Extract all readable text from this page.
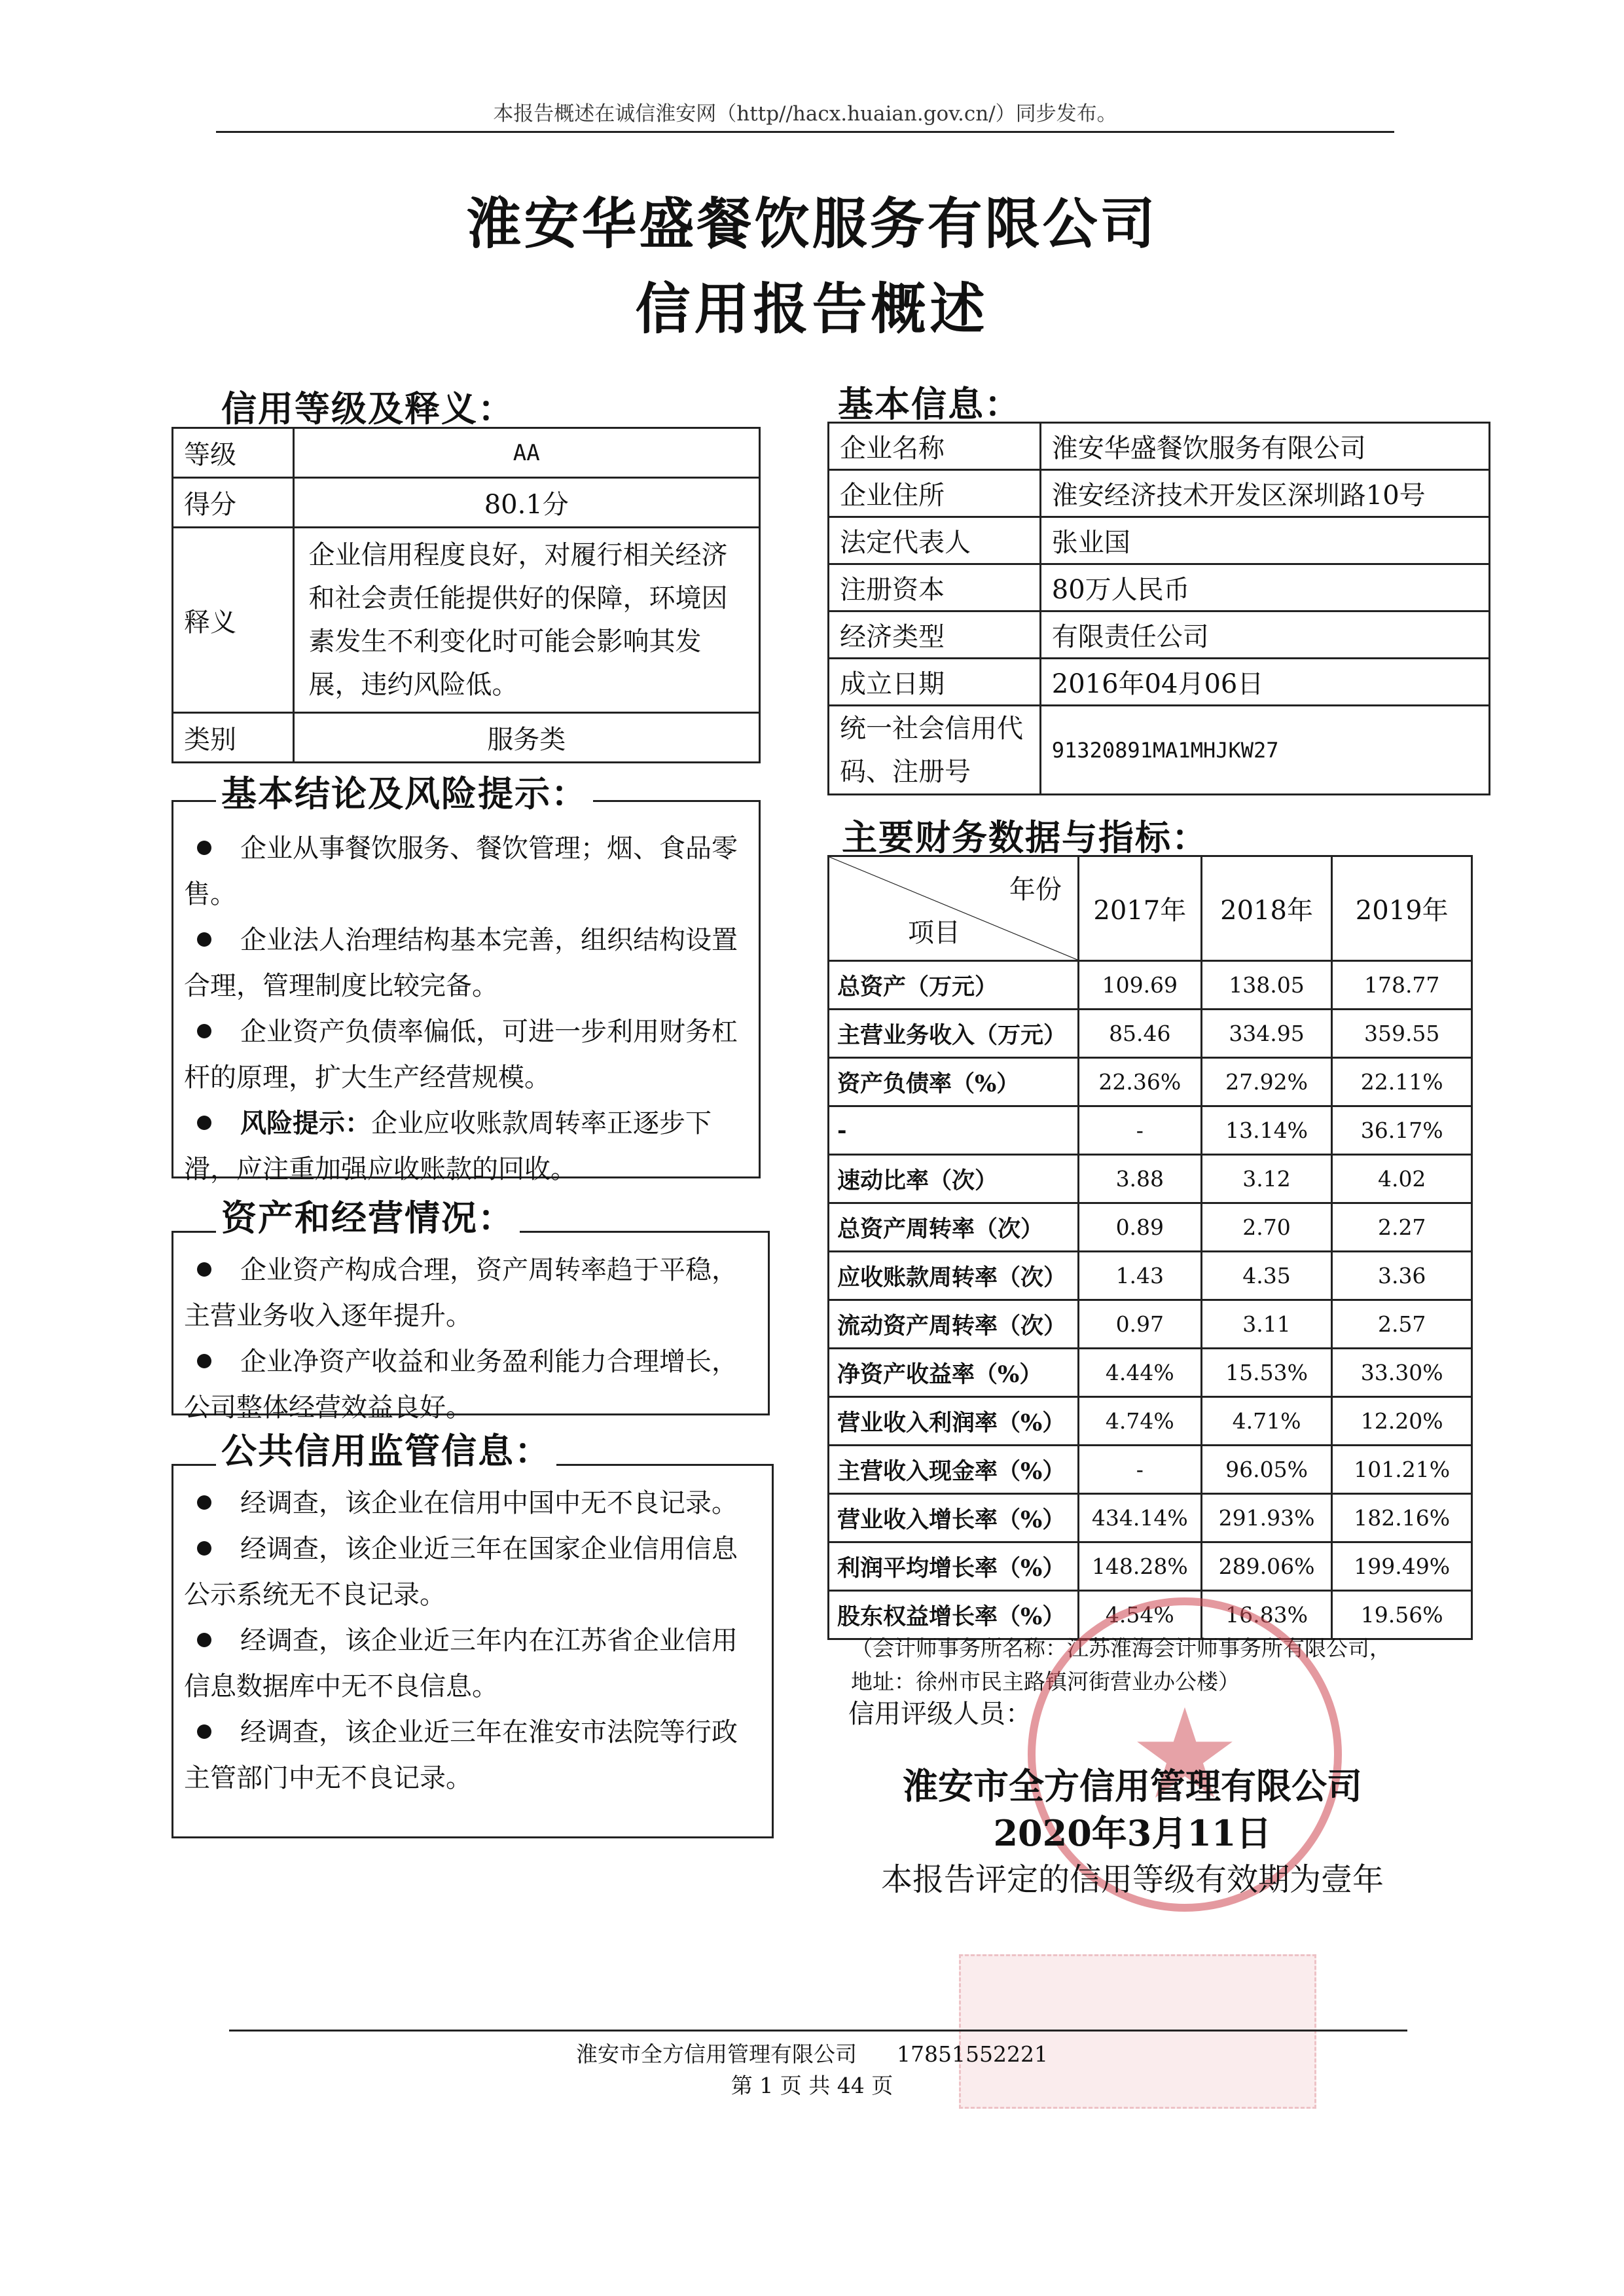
本报告概述在诚信淮安网（http//hacx.huaian.gov.cn/）同步发布。
淮安华盛餐饮服务有限公司
信用报告概述
信用等级及释义：
等级	AA
得分	80.1分
释义	企业信用程度良好，对履行相关经济和社会责任能提供好的保障，环境因素发生不利变化时可能会影响其发展，违约风险低。
类别	服务类
企业从事餐饮服务、餐饮管理；烟、食品零售。
企业法人治理结构基本完善，组织结构设置合理，管理制度比较完备。
企业资产负债率偏低，可进一步利用财务杠杆的原理，扩大生产经营规模。
风险提示：企业应收账款周转率正逐步下滑，应注重加强应收账款的回收。
基本结论及风险提示：
企业资产构成合理，资产周转率趋于平稳，主营业务收入逐年提升。
企业净资产收益和业务盈利能力合理增长，公司整体经营效益良好。
资产和经营情况：
经调查，该企业在信用中国中无不良记录。
经调查，该企业近三年在国家企业信用信息公示系统无不良记录。
经调查，该企业近三年内在江苏省企业信用信息数据库中无不良信息。
经调查，该企业近三年在淮安市法院等行政主管部门中无不良记录。
公共信用监管信息：
基本信息：
企业名称	淮安华盛餐饮服务有限公司
企业住所	淮安经济技术开发区深圳路10号
法定代表人	张业国
注册资本	80万人民币
经济类型	有限责任公司
成立日期	2016年04月06日
统一社会信用代码、注册号	91320891MA1MHJKW27
主要财务数据与指标：
年份
项目	2017年	2018年	2019年
总资产（万元）	109.69	138.05	178.77
主营业务收入（万元）	85.46	334.95	359.55
资产负债率（%）	22.36%	27.92%	22.11%
-	-	13.14%	36.17%
速动比率（次）	3.88	3.12	4.02
总资产周转率（次）	0.89	2.70	2.27
应收账款周转率（次）	1.43	4.35	3.36
流动资产周转率（次）	0.97	3.11	2.57
净资产收益率（%）	4.44%	15.53%	33.30%
营业收入利润率（%）	4.74%	4.71%	12.20%
主营收入现金率（%）	-	96.05%	101.21%
营业收入增长率（%）	434.14%	291.93%	182.16%
利润平均增长率（%）	148.28%	289.06%	199.49%
股东权益增长率（%）	4.54%	16.83%	19.56%
（会计师事务所名称：江苏淮海会计师事务所有限公司，
地址：徐州市民主路镇河街营业办公楼）
信用评级人员： ★
淮安市全方信用管理有限公司
2020年3月11日
本报告评定的信用等级有效期为壹年
淮安市全方信用管理有限公司 17851552221
第 1 页 共 44 页
